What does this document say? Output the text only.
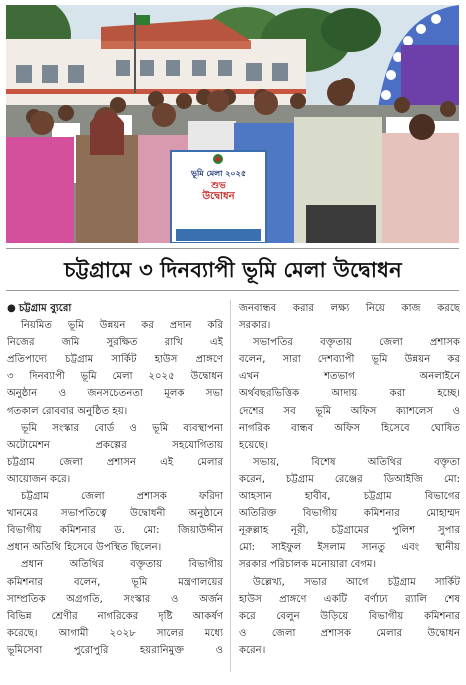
ভূমি মেলা ২০২৫
শুভ
উদ্বোধন
চট্টগ্রামে ৩ দিনব্যাপী ভূমি মেলা উদ্বোধন
● চট্টগ্রাম ব্যুরো
নিয়মিত ভূমি উন্নয়ন কর প্রদান করি
নিজের জমি সুরক্ষিত রাখি এই
প্রতিপাদ্যে চট্টগ্রাম সার্কিট হাউস প্রাঙ্গণে
৩ দিনব্যাপী ভূমি মেলা ২০২৫ উদ্বোধন
অনুষ্ঠান ও জনসচেতনতা মূলক সভা
গতকাল রোববার অনুষ্ঠিত হয়।
ভূমি সংস্কার বোর্ড ও ভূমি ব্যবস্থাপনা
অটোমেশন প্রকল্পের সহযোগিতায়
চট্টগ্রাম জেলা প্রশাসন এই মেলার
আয়োজন করে।
চট্টগ্রাম জেলা প্রশাসক ফরিদা
খানমের সভাপতিত্বে উদ্বোধনী অনুষ্ঠানে
বিভাগীয় কমিশনার ড. মো: জিয়াউদ্দীন
প্রধান অতিথি হিসেবে উপস্থিত ছিলেন।
প্রধান অতিথির বক্তৃতায় বিভাগীয়
কমিশনার বলেন, ভূমি মন্ত্রণালয়ের
সাম্প্রতিক অগ্রগতি, সংস্কার ও অর্জন
বিভিন্ন শ্রেণীর নাগরিকের দৃষ্টি আকর্ষণ
করেছে। আগামী ২০২৮ সালের মধ্যে
ভূমিসেবা পুরোপুরি হয়রানিমুক্ত ও
জনবান্ধব করার লক্ষ্য নিয়ে কাজ করছে
সরকার।
সভাপতির বক্তৃতায় জেলা প্রশাসক
বলেন, সারা দেশব্যাপী ভূমি উন্নয়ন কর
এখন শতভাগ অনলাইনে
অর্থবছরভিত্তিক আদায় করা হচ্ছে।
দেশের সব ভূমি অফিস ক্যাশলেস ও
নাগরিক বান্ধব অফিস হিসেবে ঘোষিত
হয়েছে।
সভায়, বিশেষ অতিথির বক্তৃতা
করেন, চট্টগ্রাম রেঞ্জের ডিআইজি মো:
আহসান হাবীব, চট্টগ্রাম বিভাগের
অতিরিক্ত বিভাগীয় কমিশনার মোহাম্মদ
নূরুল্লাহ নূরী, চট্টগ্রামের পুলিশ সুপার
মো: সাইফুল ইসলাম সানতু এবং স্থানীয়
সরকার পরিচালক মনোয়ারা বেগম।
উল্লেখ্য, সভার আগে চট্টগ্রাম সার্কিট
হাউস প্রাঙ্গণে একটি বর্ণাঢ্য র‍্যালি শেষ
করে বেলুন উড়িয়ে বিভাগীয় কমিশনার
ও জেলা প্রশাসক মেলার উদ্বোধন
করেন।
